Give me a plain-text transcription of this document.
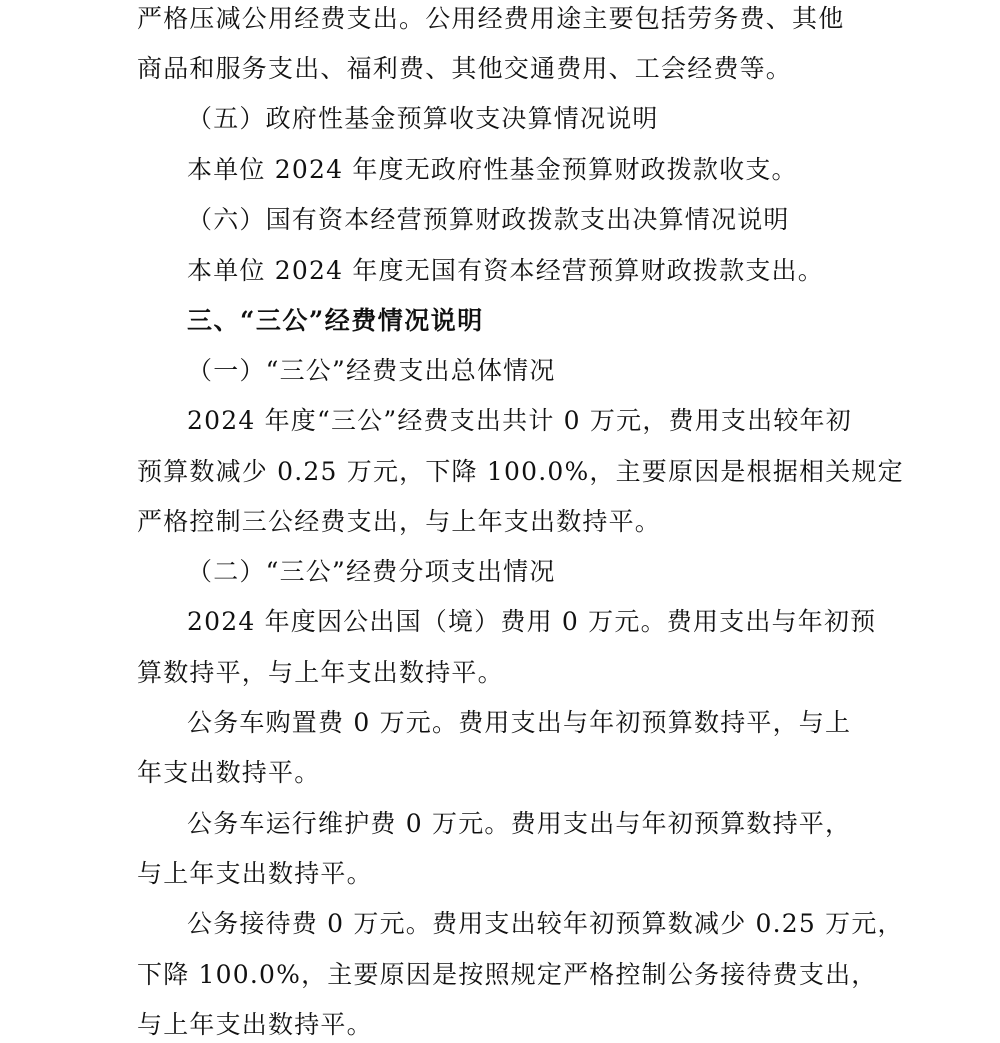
严格压减公用经费支出。公用经费用途主要包括劳务费、其他
商品和服务支出、福利费、其他交通费用、工会经费等。
（五）政府性基金预算收支决算情况说明
本单位 2024 年度无政府性基金预算财政拨款收支。
（六）国有资本经营预算财政拨款支出决算情况说明
本单位 2024 年度无国有资本经营预算财政拨款支出。
三、“三公”经费情况说明
（一）“三公”经费支出总体情况
2024 年度“三公”经费支出共计 0 万元，费用支出较年初
预算数减少 0.25 万元，下降 100.0%，主要原因是根据相关规定
严格控制三公经费支出，与上年支出数持平。
（二）“三公”经费分项支出情况
2024 年度因公出国（境）费用 0 万元。费用支出与年初预
算数持平，与上年支出数持平。
公务车购置费 0 万元。费用支出与年初预算数持平，与上
年支出数持平。
公务车运行维护费 0 万元。费用支出与年初预算数持平，
与上年支出数持平。
公务接待费 0 万元。费用支出较年初预算数减少 0.25 万元，
下降 100.0%，主要原因是按照规定严格控制公务接待费支出，
与上年支出数持平。
